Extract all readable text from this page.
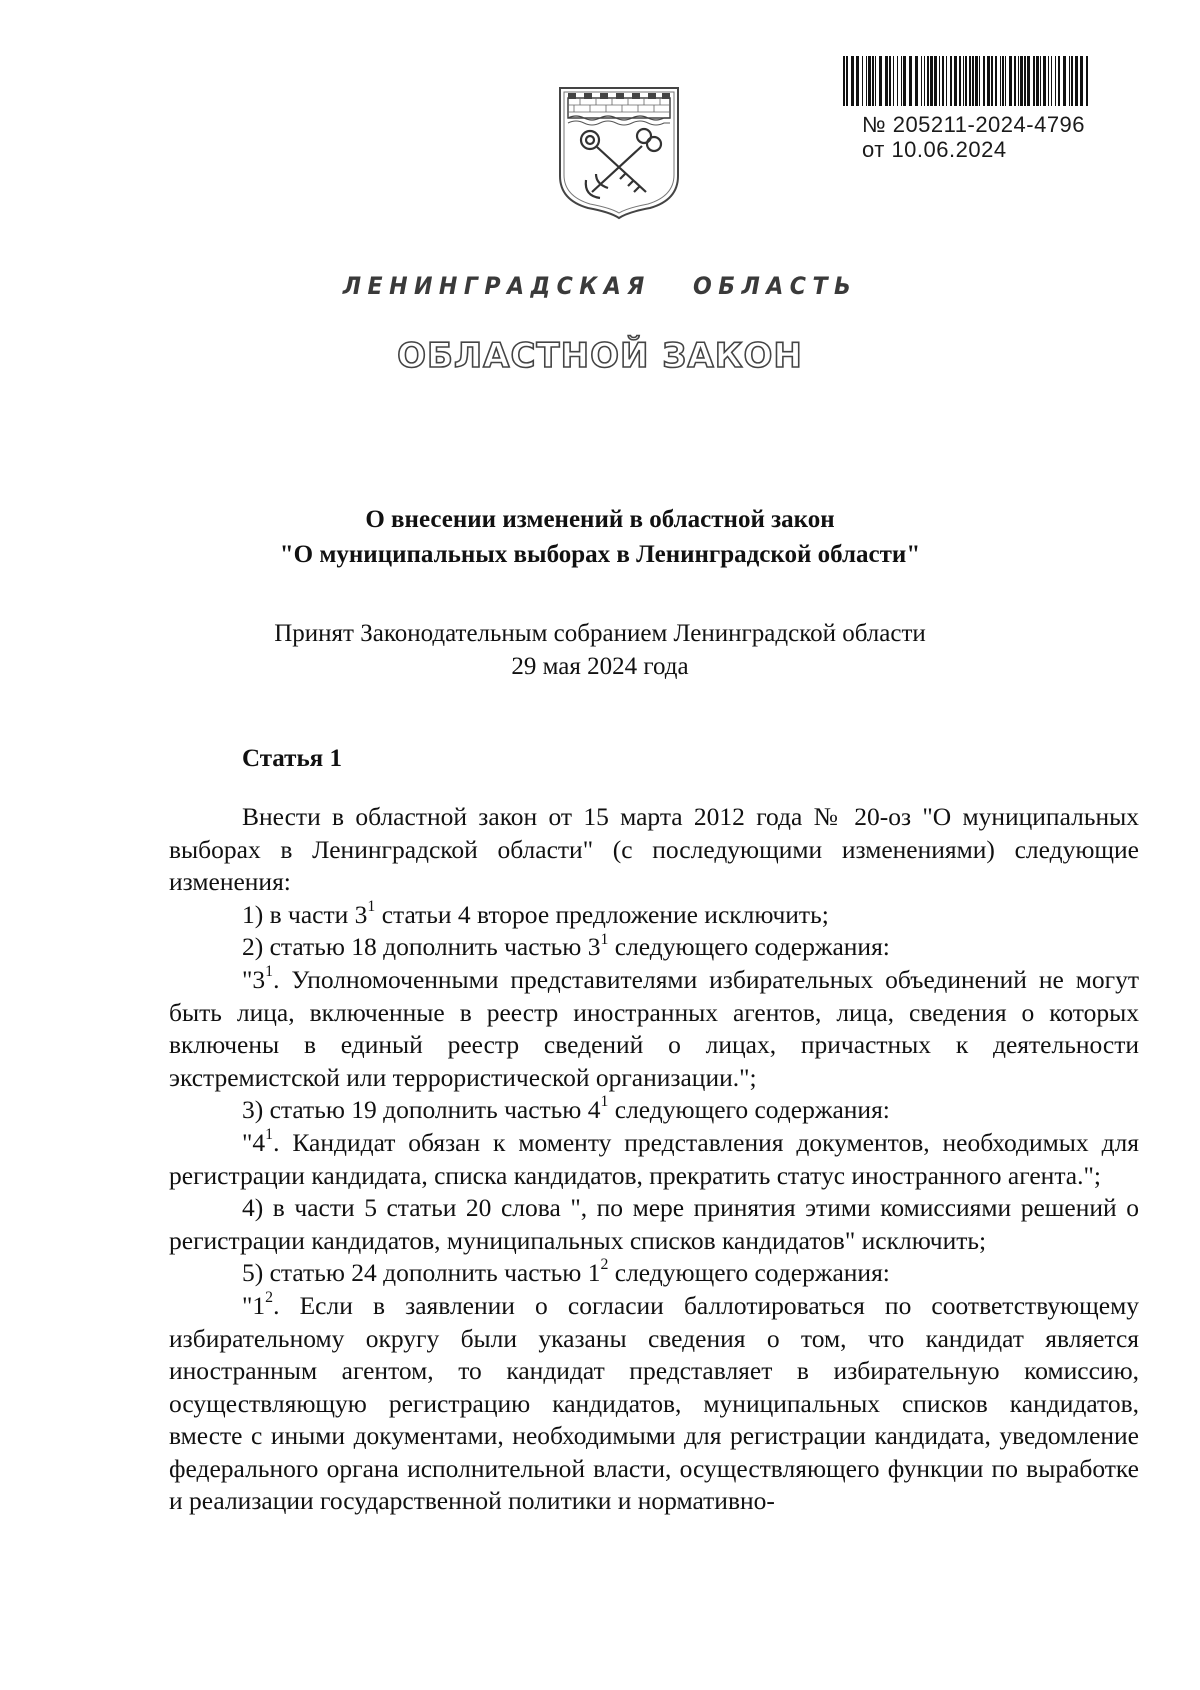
№ 205211-2024-4796
от 10.06.2024
ЛЕНИНГРАДСКАЯ ОБЛАСТЬ
ОБЛАСТНОЙ ЗАКОН
О внесении изменений в областной закон
"О муниципальных выборах в Ленинградской области"
Принят Законодательным собранием Ленинградской области
29 мая 2024 года
Статья 1

Внести в областной закон от 15 марта 2012 года № 20-оз "О муниципальных выборах в Ленинградской области" (с последующими изменениями) следующие изменения:

1) в части $3^1$ статьи 4 второе предложение исключить;

2) статью 18 дополнить частью $3^1$ следующего содержания:

"$3^1$. Уполномоченными представителями избирательных объединений не могут быть лица, включенные в реестр иностранных агентов, лица, сведения о которых включены в единый реестр сведений о лицах, причастных к деятельности экстремистской или террористической организации.";

3) статью 19 дополнить частью $4^1$ следующего содержания:

"$4^1$. Кандидат обязан к моменту представления документов, необходимых для регистрации кандидата, списка кандидатов, прекратить статус иностранного агента.";

4) в части 5 статьи 20 слова ", по мере принятия этими комиссиями решений о регистрации кандидатов, муниципальных списков кандидатов" исключить;

5) статью 24 дополнить частью $1^2$ следующего содержания:

"$1^2$. Если в заявлении о согласии баллотироваться по соответствующему избирательному округу были указаны сведения о том, что кандидат является иностранным агентом, то кандидат представляет в избирательную комиссию, осуществляющую регистрацию кандидатов, муниципальных списков кандидатов, вместе с иными документами, необходимыми для регистрации кандидата, уведомление федерального органа исполнительной власти, осуществляющего функции по выработке и реализации государственной политики и нормативно-
